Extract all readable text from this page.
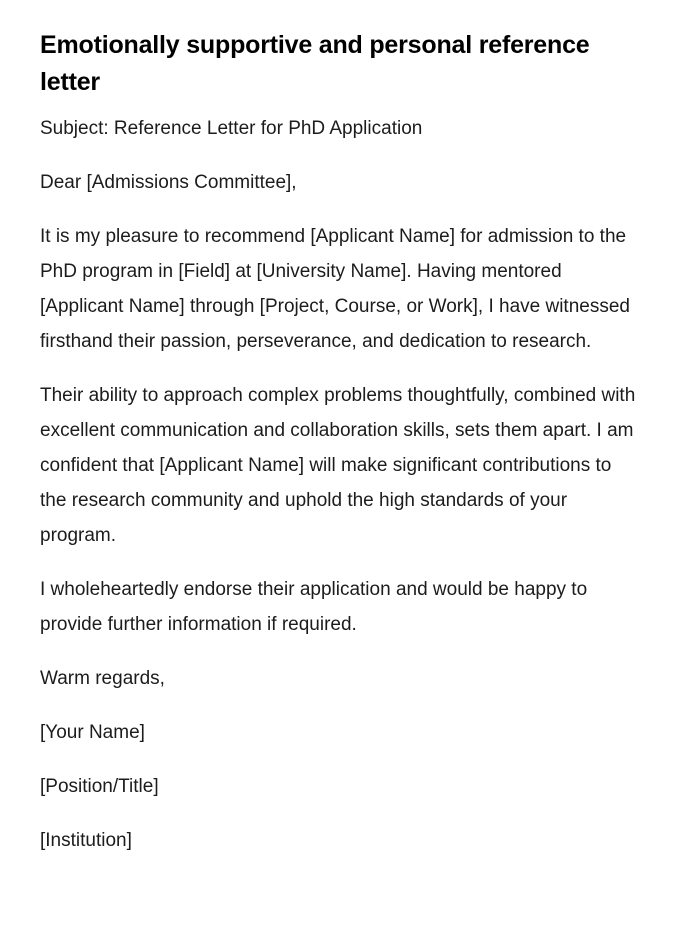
Emotionally supportive and personal reference letter

Subject: Reference Letter for PhD Application

Dear [Admissions Committee],

It is my pleasure to recommend [Applicant Name] for admission to the PhD program in [Field] at [University Name]. Having mentored [Applicant Name] through [Project, Course, or Work], I have witnessed firsthand their passion, perseverance, and dedication to research.

Their ability to approach complex problems thoughtfully, combined with excellent communication and collaboration skills, sets them apart. I am confident that [Applicant Name] will make significant contributions to the research community and uphold the high standards of your program.

I wholeheartedly endorse their application and would be happy to provide further information if required.

Warm regards,

[Your Name]

[Position/Title]

[Institution]
